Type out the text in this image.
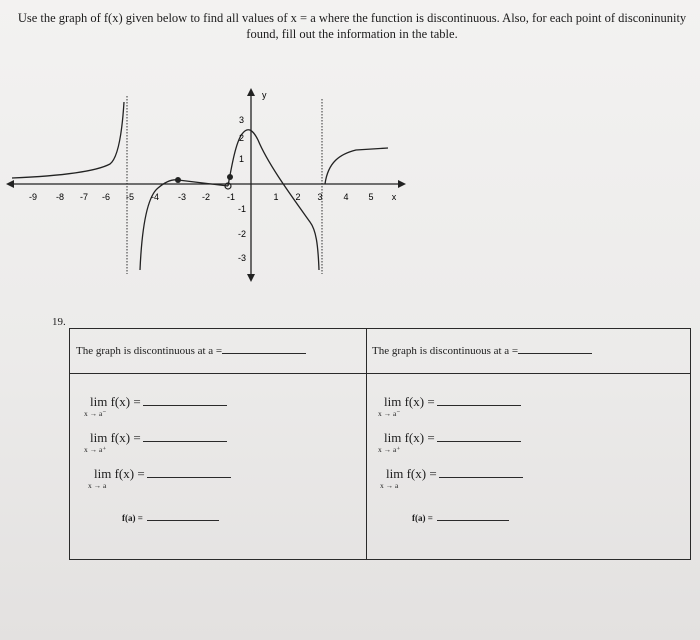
Use the graph of f(x) given below to find all values of x = a where the function is discontinuous. Also, for each point of disconinunity found, fill out the information in the table.
-9 -8 -7 -6 -5 -4 -3 -2 -1	1 2 3 4 5 x
3
2
1
-1
-2
-3
y
19.
The graph is discontinuous at a =	The graph is discontinuous at a =
lim f(x) =
x → a⁻
lim f(x) =
x → a⁺
lim f(x) =
x → a
f(a) =
lim f(x) =
x → a⁻
lim f(x) =
x → a⁺
lim f(x) =
x → a
f(a) =
